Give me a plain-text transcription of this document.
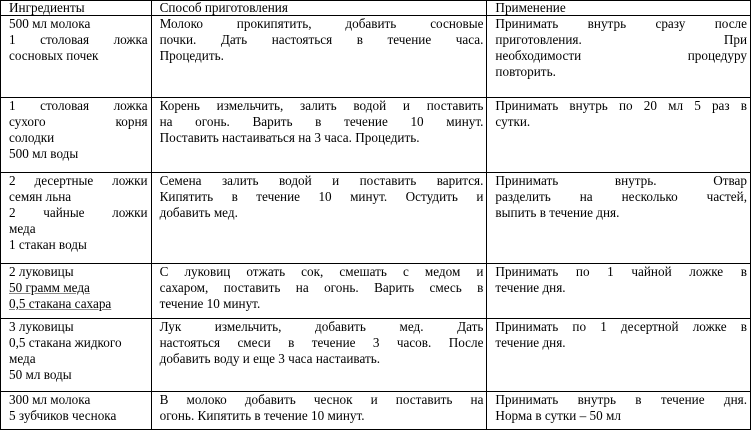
Ингредиенты	Способ приготовления	Применение

500 мл молока
1 столовая ложка
сосновых почек	Молоко прокипятить, добавить сосновые
почки. Дать настояться в течение часа.
Процедить.	Принимать внутрь сразу после
приготовления. При
необходимости процедуру
повторить.

1 столовая ложка
сухого корня
солодки
500 мл воды	Корень измельчить, залить водой и поставить
на огонь. Варить в течение 10 минут.
Поставить настаиваться на 3 часа. Процедить.	Принимать внутрь по 20 мл 5 раз в
сутки.

2 десертные ложки
семян льна
2 чайные ложки
меда
1 стакан воды	Семена залить водой и поставить варится.
Кипятить в течение 10 минут. Остудить и
добавить мед.	Принимать внутрь. Отвар
разделить на несколько частей,
выпить в течение дня.

2 луковицы
50 грамм меда
0,5 стакана сахара	С луковиц отжать сок, смешать с медом и
сахаром, поставить на огонь. Варить смесь в
течение 10 минут.	Принимать по 1 чайной ложке в
течение дня.

3 луковицы
0,5 стакана жидкого
меда
50 мл воды	Лук измельчить, добавить мед. Дать
настояться смеси в течение 3 часов. После
добавить воду и еще 3 часа настаивать.	Принимать по 1 десертной ложке в
течение дня.

300 мл молока
5 зубчиков чеснока	В молоко добавить чеснок и поставить на
огонь. Кипятить в течение 10 минут.	Принимать внутрь в течение дня.
Норма в сутки – 50 мл
